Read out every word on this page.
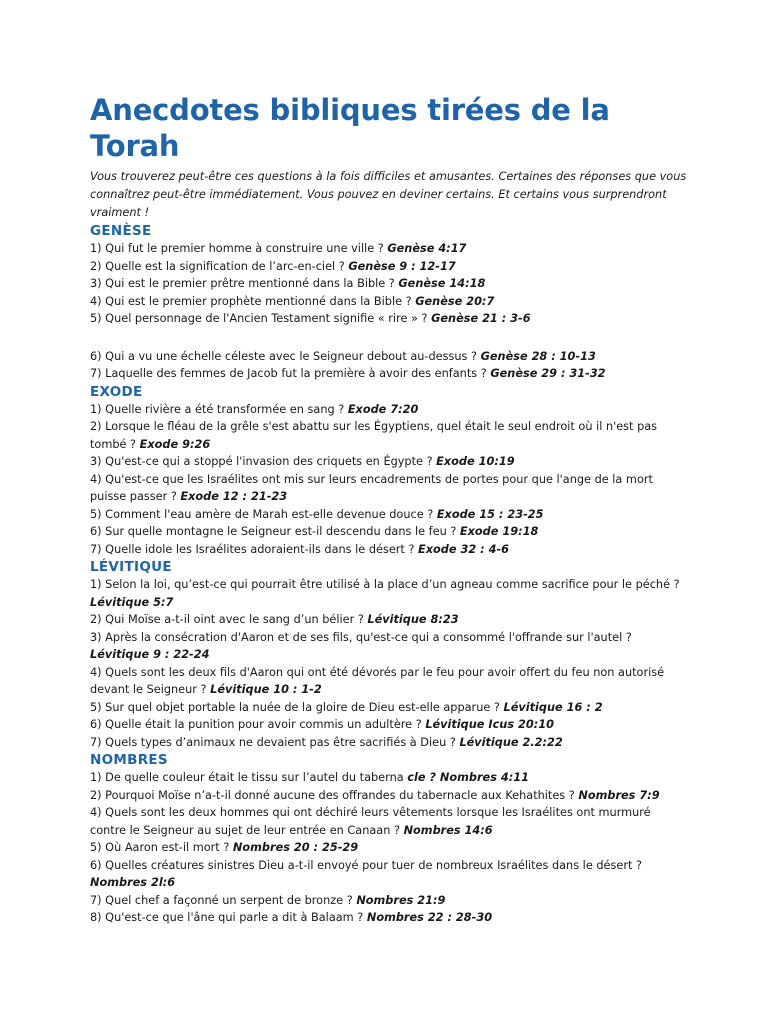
Anecdotes bibliques tirées de la Torah

Vous trouverez peut-être ces questions à la fois difficiles et amusantes. Certaines des réponses que vous connaîtrez peut-être immédiatement. Vous pouvez en deviner certains. Et certains vous surprendront vraiment !

GENÈSE
1) Qui fut le premier homme à construire une ville ? Genèse 4:17
2) Quelle est la signification de l’arc-en-ciel ? Genèse 9 : 12-17
3) Qui est le premier prêtre mentionné dans la Bible ? Genèse 14:18
4) Qui est le premier prophète mentionné dans la Bible ? Genèse 20:7
5) Quel personnage de l'Ancien Testament signifie « rire » ? Genèse 21 : 3-6
6) Qui a vu une échelle céleste avec le Seigneur debout au-dessus ? Genèse 28 : 10-13
7) Laquelle des femmes de Jacob fut la première à avoir des enfants ? Genèse 29 : 31-32
EXODE
1) Quelle rivière a été transformée en sang ? Exode 7:20
2) Lorsque le fléau de la grêle s'est abattu sur les Égyptiens, quel était le seul endroit où il n'est pas tombé ? Exode 9:26
3) Qu'est-ce qui a stoppé l'invasion des criquets en Égypte ? Exode 10:19
4) Qu'est-ce que les Israélites ont mis sur leurs encadrements de portes pour que l'ange de la mort puisse passer ? Exode 12 : 21-23
5) Comment l'eau amère de Marah est-elle devenue douce ? Exode 15 : 23-25
6) Sur quelle montagne le Seigneur est-il descendu dans le feu ? Exode 19:18
7) Quelle idole les Israélites adoraient-ils dans le désert ? Exode 32 : 4-6
LÉVITIQUE
1) Selon la loi, qu’est-ce qui pourrait être utilisé à la place d’un agneau comme sacrifice pour le péché ? Lévitique 5:7
2) Qui Moïse a-t-il oint avec le sang d’un bélier ? Lévitique 8:23
3) Après la consécration d'Aaron et de ses fils, qu'est-ce qui a consommé l'offrande sur l'autel ? Lévitique 9 : 22-24
4) Quels sont les deux fils d'Aaron qui ont été dévorés par le feu pour avoir offert du feu non autorisé devant le Seigneur ? Lévitique 10 : 1-2
5) Sur quel objet portable la nuée de la gloire de Dieu est-elle apparue ? Lévitique 16 : 2
6) Quelle était la punition pour avoir commis un adultère ? Lévitique Icus 20:10
7) Quels types d’animaux ne devaient pas être sacrifiés à Dieu ? Lévitique 2.2:22
NOMBRES
1) De quelle couleur était le tissu sur l’autel du taberna cle ? Nombres 4:11
2) Pourquoi Moïse n’a-t-il donné aucune des offrandes du tabernacle aux Kehathites ? Nombres 7:9
4) Quels sont les deux hommes qui ont déchiré leurs vêtements lorsque les Israélites ont murmuré contre le Seigneur au sujet de leur entrée en Canaan ? Nombres 14:6
5) Où Aaron est-il mort ? Nombres 20 : 25-29
6) Quelles créatures sinistres Dieu a-t-il envoyé pour tuer de nombreux Israélites dans le désert ? Nombres 2l:6
7) Quel chef a façonné un serpent de bronze ? Nombres 21:9
8) Qu'est-ce que l'âne qui parle a dit à Balaam ? Nombres 22 : 28-30
